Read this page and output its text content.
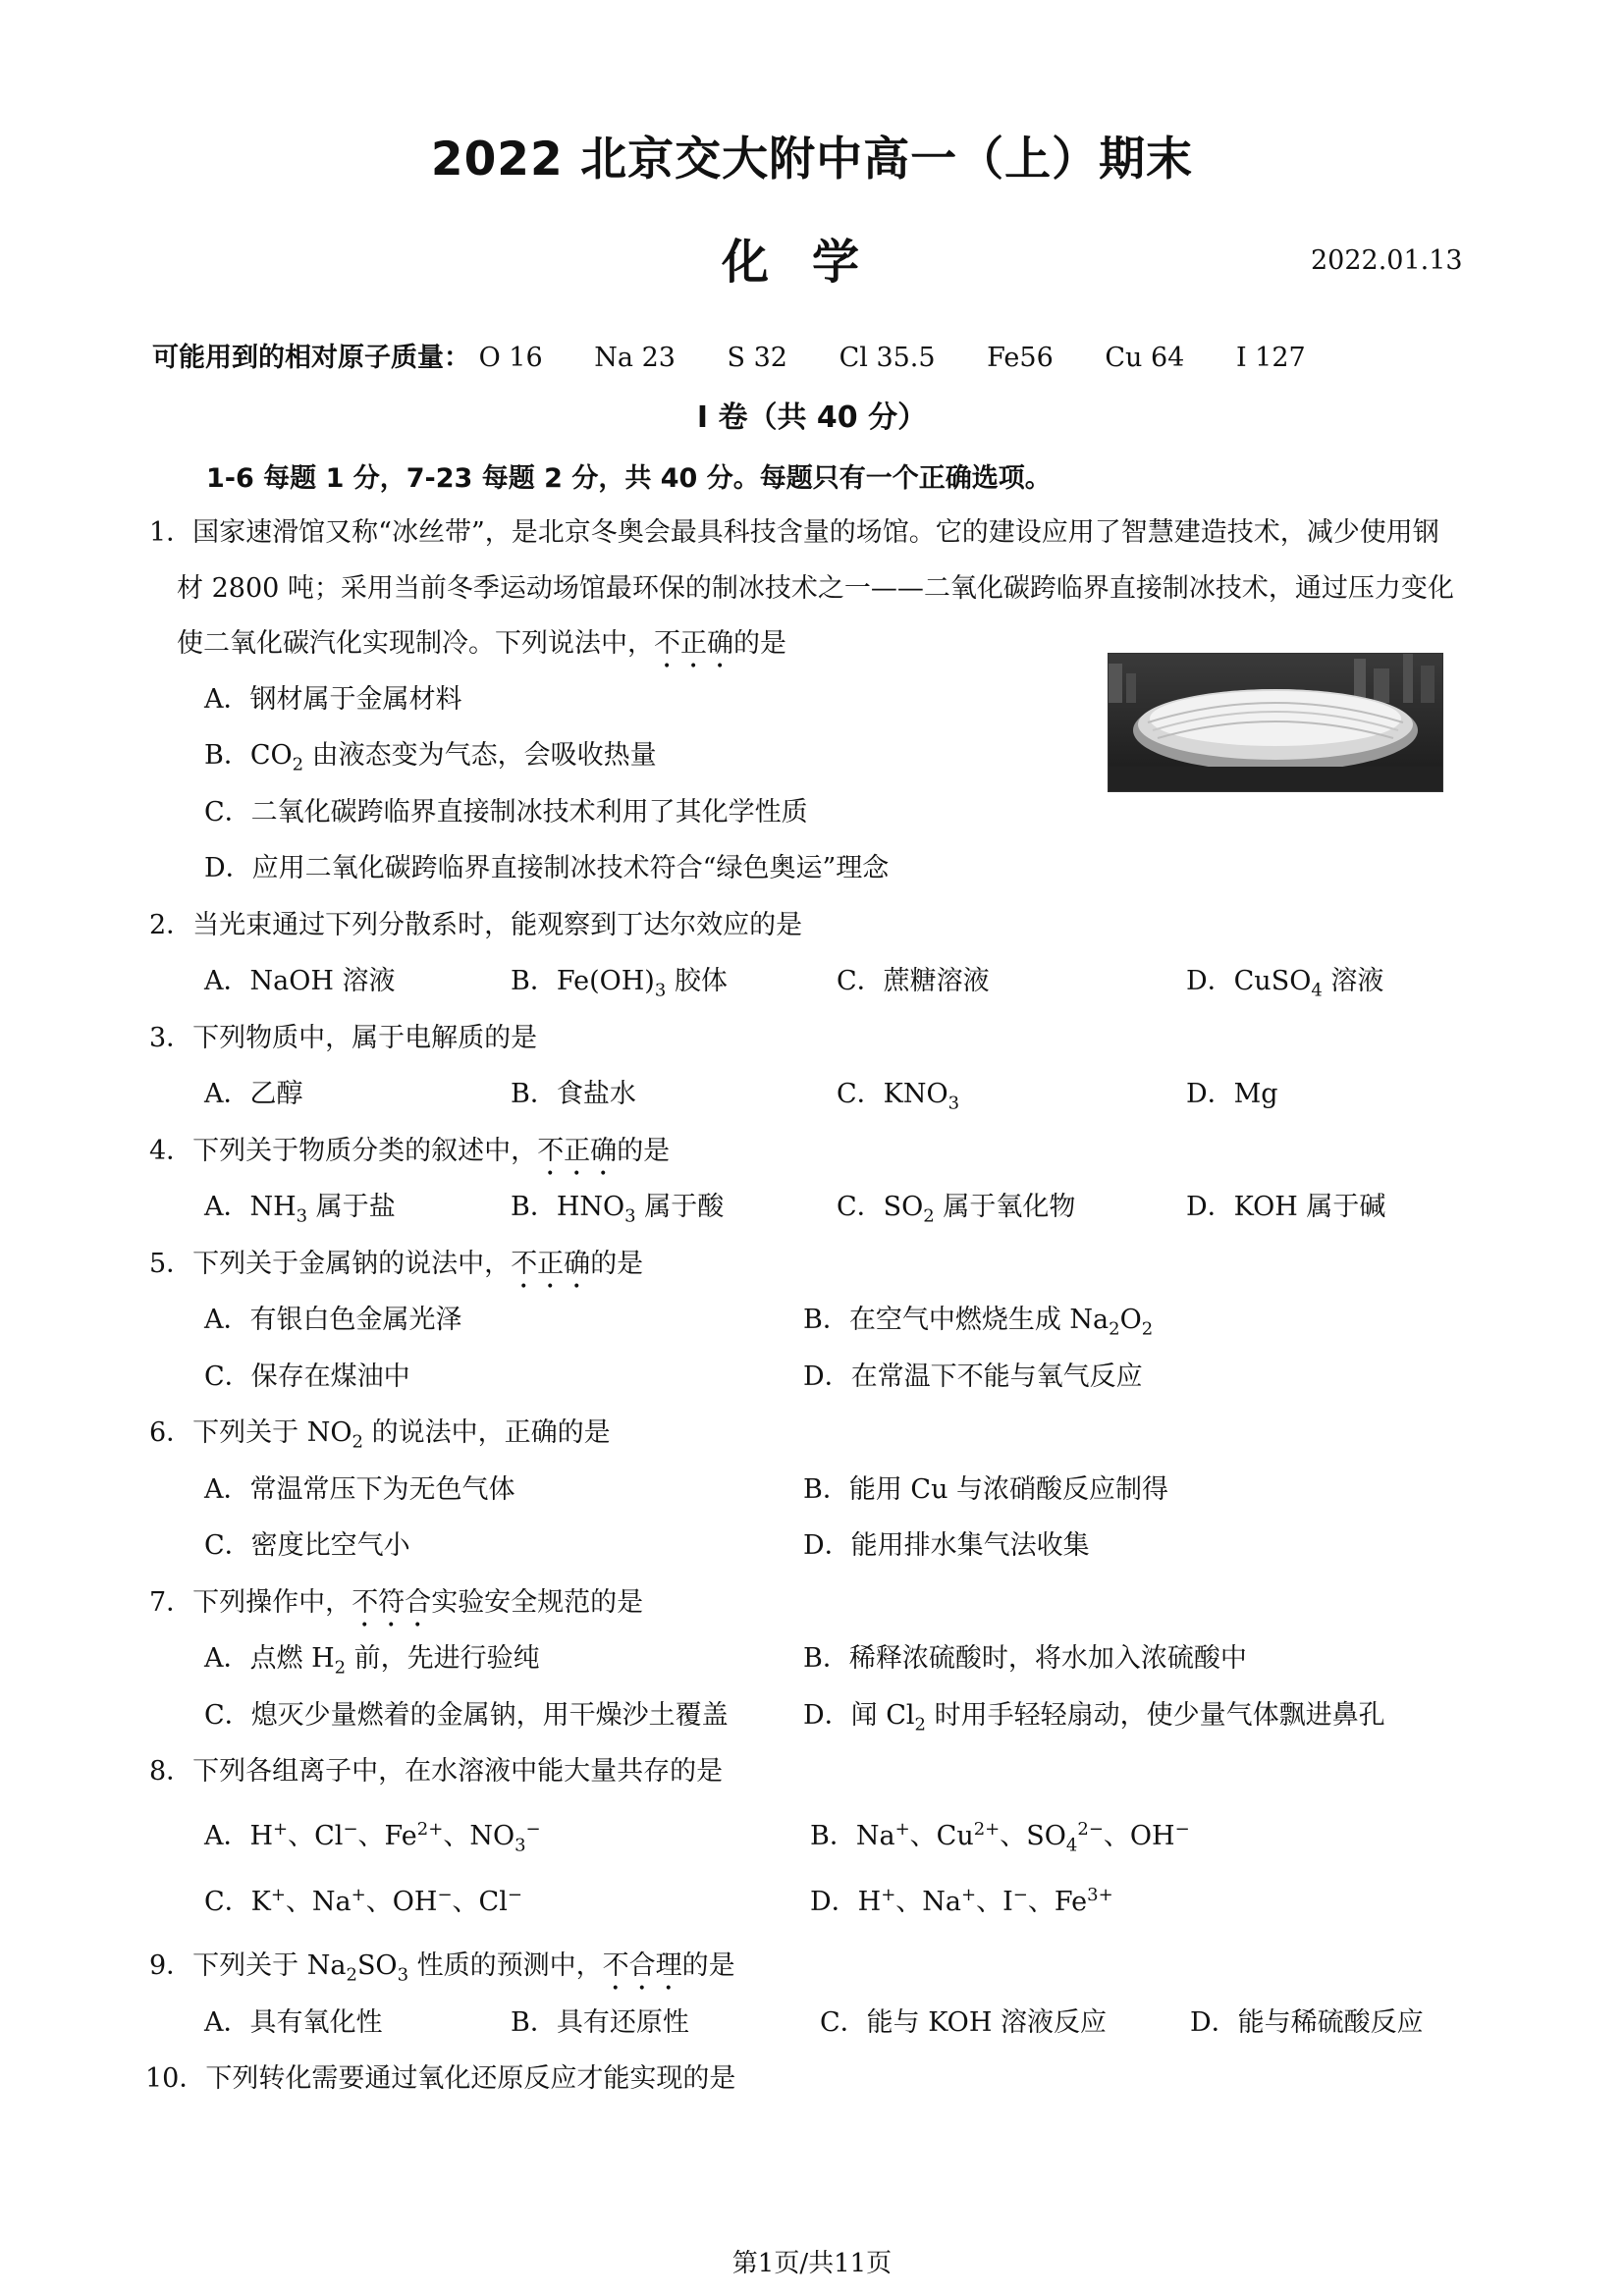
2022 北京交大附中高一（上）期末
化学	2022.01.13
可能用到的相对原子质量： O 16 Na 23 S 32 Cl 35.5 Fe56 Cu 64 I 127
I 卷（共 40 分）
1-6 每题 1 分，7-23 每题 2 分，共 40 分。每题只有一个正确选项。
1．国家速滑馆又称“冰丝带”，是北京冬奥会最具科技含量的场馆。它的建设应用了智慧建造技术，减少使用钢
材 2800 吨；采用当前冬季运动场馆最环保的制冰技术之一——二氧化碳跨临界直接制冰技术，通过压力变化
使二氧化碳汽化实现制冷。下列说法中，不正确的是
A．钢材属于金属材料
B．$CO_2$ 由液态变为气态，会吸收热量
C．二氧化碳跨临界直接制冰技术利用了其化学性质
D．应用二氧化碳跨临界直接制冰技术符合“绿色奥运”理念
2．当光束通过下列分散系时，能观察到丁达尔效应的是
A．NaOH 溶液	B．$Fe(OH)_3$ 胶体	C．蔗糖溶液	D．CuSO$_4$ 溶液
3．下列物质中，属于电解质的是
A．乙醇	B．食盐水	C．$KNO_3$	D．Mg
4．下列关于物质分类的叙述中，不正确的是
A．$NH_3$ 属于盐	B．$HNO_3$ 属于酸	C．$SO_2$ 属于氧化物	D．KOH 属于碱
5．下列关于金属钠的说法中，不正确的是
A．有银白色金属光泽	B．在空气中燃烧生成 $Na_2O_2$
C．保存在煤油中	D．在常温下不能与氧气反应
6．下列关于 $NO_2$ 的说法中，正确的是
A．常温常压下为无色气体	B．能用 Cu 与浓硝酸反应制得
C．密度比空气小	D．能用排水集气法收集
7．下列操作中，不符合实验安全规范的是
A．点燃 $H_2$ 前，先进行验纯	B．稀释浓硫酸时，将水加入浓硫酸中
C．熄灭少量燃着的金属钠，用干燥沙土覆盖	D．闻 $Cl_2$ 时用手轻轻扇动，使少量气体飘进鼻孔
8．下列各组离子中，在水溶液中能大量共存的是
A．H+、Cl−、$Fe^{2+}$、$NO_3^-$	B．Na+、$Cu^{2+}$、$SO_4^{2-}$、OH−
C．K+、Na+、OH−、Cl−	D．H+、Na+、I−、$Fe^{3+}$
9．下列关于 $Na_2SO_3$ 性质的预测中，不合理的是
A．具有氧化性	B．具有还原性	C．能与 KOH 溶液反应	D．能与稀硫酸反应
10．下列转化需要通过氧化还原反应才能实现的是
第1页/共11页
